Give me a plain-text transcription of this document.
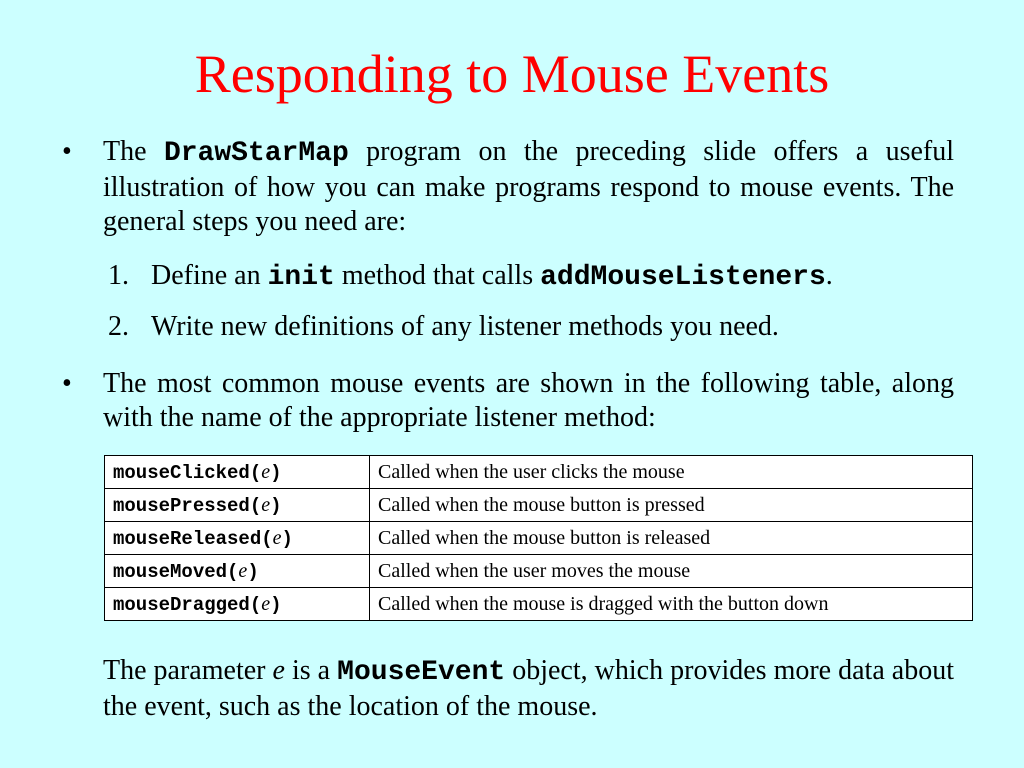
Responding to Mouse Events
• The DrawStarMap program on the preceding slide offers a useful illustration of how you can make programs respond to mouse events. The general steps you need are:
1. Define an init method that calls addMouseListeners.
2. Write new definitions of any listener methods you need.
• The most common mouse events are shown in the following table, along with the name of the appropriate listener method:
mouseClicked(e)	Called when the user clicks the mouse
mousePressed(e)	Called when the mouse button is pressed
mouseReleased(e)	Called when the mouse button is released
mouseMoved(e)	Called when the user moves the mouse
mouseDragged(e)	Called when the mouse is dragged with the button down
The parameter e is a MouseEvent object, which provides more data about the event, such as the location of the mouse.
